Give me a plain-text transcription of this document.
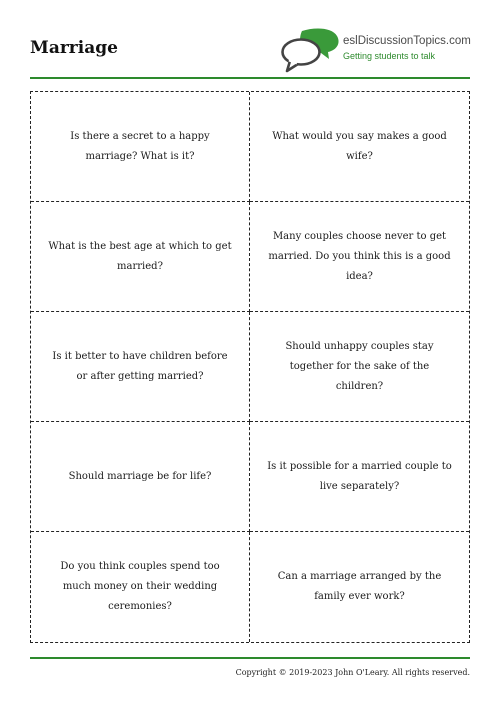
Marriage	eslDiscussionTopics.com
Getting students to talk
Is there a secret to a happy marriage? What is it?
What would you say makes a good wife?
What is the best age at which to get married?
Many couples choose never to get married. Do you think this is a good idea?
Is it better to have children before or after getting married?
Should unhappy couples stay together for the sake of the children?
Should marriage be for life?
Is it possible for a married couple to live separately?
Do you think couples spend too much money on their wedding ceremonies?
Can a marriage arranged by the family ever work?
Copyright © 2019-2023 John O'Leary. All rights reserved.
